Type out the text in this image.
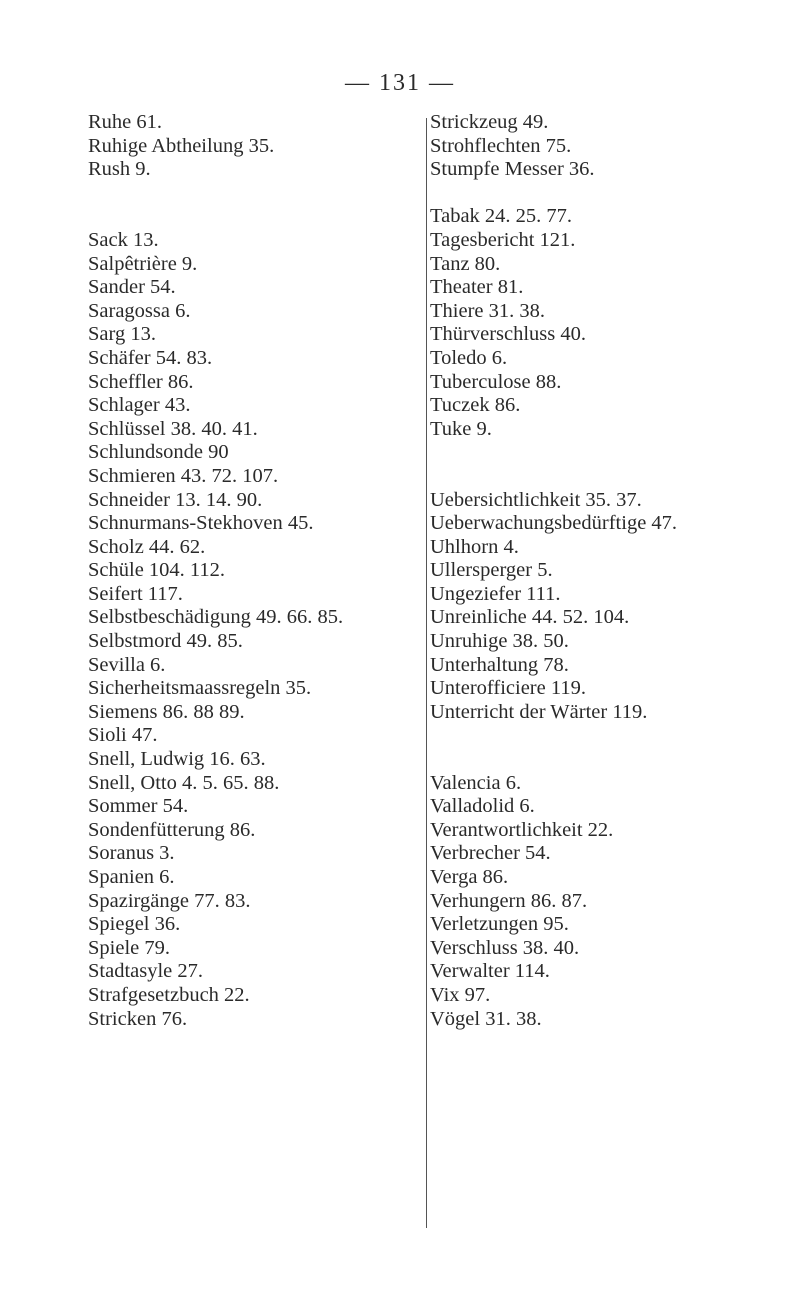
— 131 —
Ruhe 61.
Ruhige Abtheilung 35.
Rush 9.
Sack 13.
Salpêtrière 9.
Sander 54.
Saragossa 6.
Sarg 13.
Schäfer 54. 83.
Scheffler 86.
Schlager 43.
Schlüssel 38. 40. 41.
Schlundsonde 90
Schmieren 43. 72. 107.
Schneider 13. 14. 90.
Schnurmans-Stekhoven 45.
Scholz 44. 62.
Schüle 104. 112.
Seifert 117.
Selbstbeschädigung 49. 66. 85.
Selbstmord 49. 85.
Sevilla 6.
Sicherheitsmaassregeln 35.
Siemens 86. 88 89.
Sioli 47.
Snell, Ludwig 16. 63.
Snell, Otto 4. 5. 65. 88.
Sommer 54.
Sondenfütterung 86.
Soranus 3.
Spanien 6.
Spazirgänge 77. 83.
Spiegel 36.
Spiele 79.
Stadtasyle 27.
Strafgesetzbuch 22.
Stricken 76.
Strickzeug 49.
Strohflechten 75.
Stumpfe Messer 36.
Tabak 24. 25. 77.
Tagesbericht 121.
Tanz 80.
Theater 81.
Thiere 31. 38.
Thürverschluss 40.
Toledo 6.
Tuberculose 88.
Tuczek 86.
Tuke 9.
Uebersichtlichkeit 35. 37.
Ueberwachungsbedürftige 47.
Uhlhorn 4.
Ullersperger 5.
Ungeziefer 111.
Unreinliche 44. 52. 104.
Unruhige 38. 50.
Unterhaltung 78.
Unterofficiere 119.
Unterricht der Wärter 119.
Valencia 6.
Valladolid 6.
Verantwortlichkeit 22.
Verbrecher 54.
Verga 86.
Verhungern 86. 87.
Verletzungen 95.
Verschluss 38. 40.
Verwalter 114.
Vix 97.
Vögel 31. 38.
